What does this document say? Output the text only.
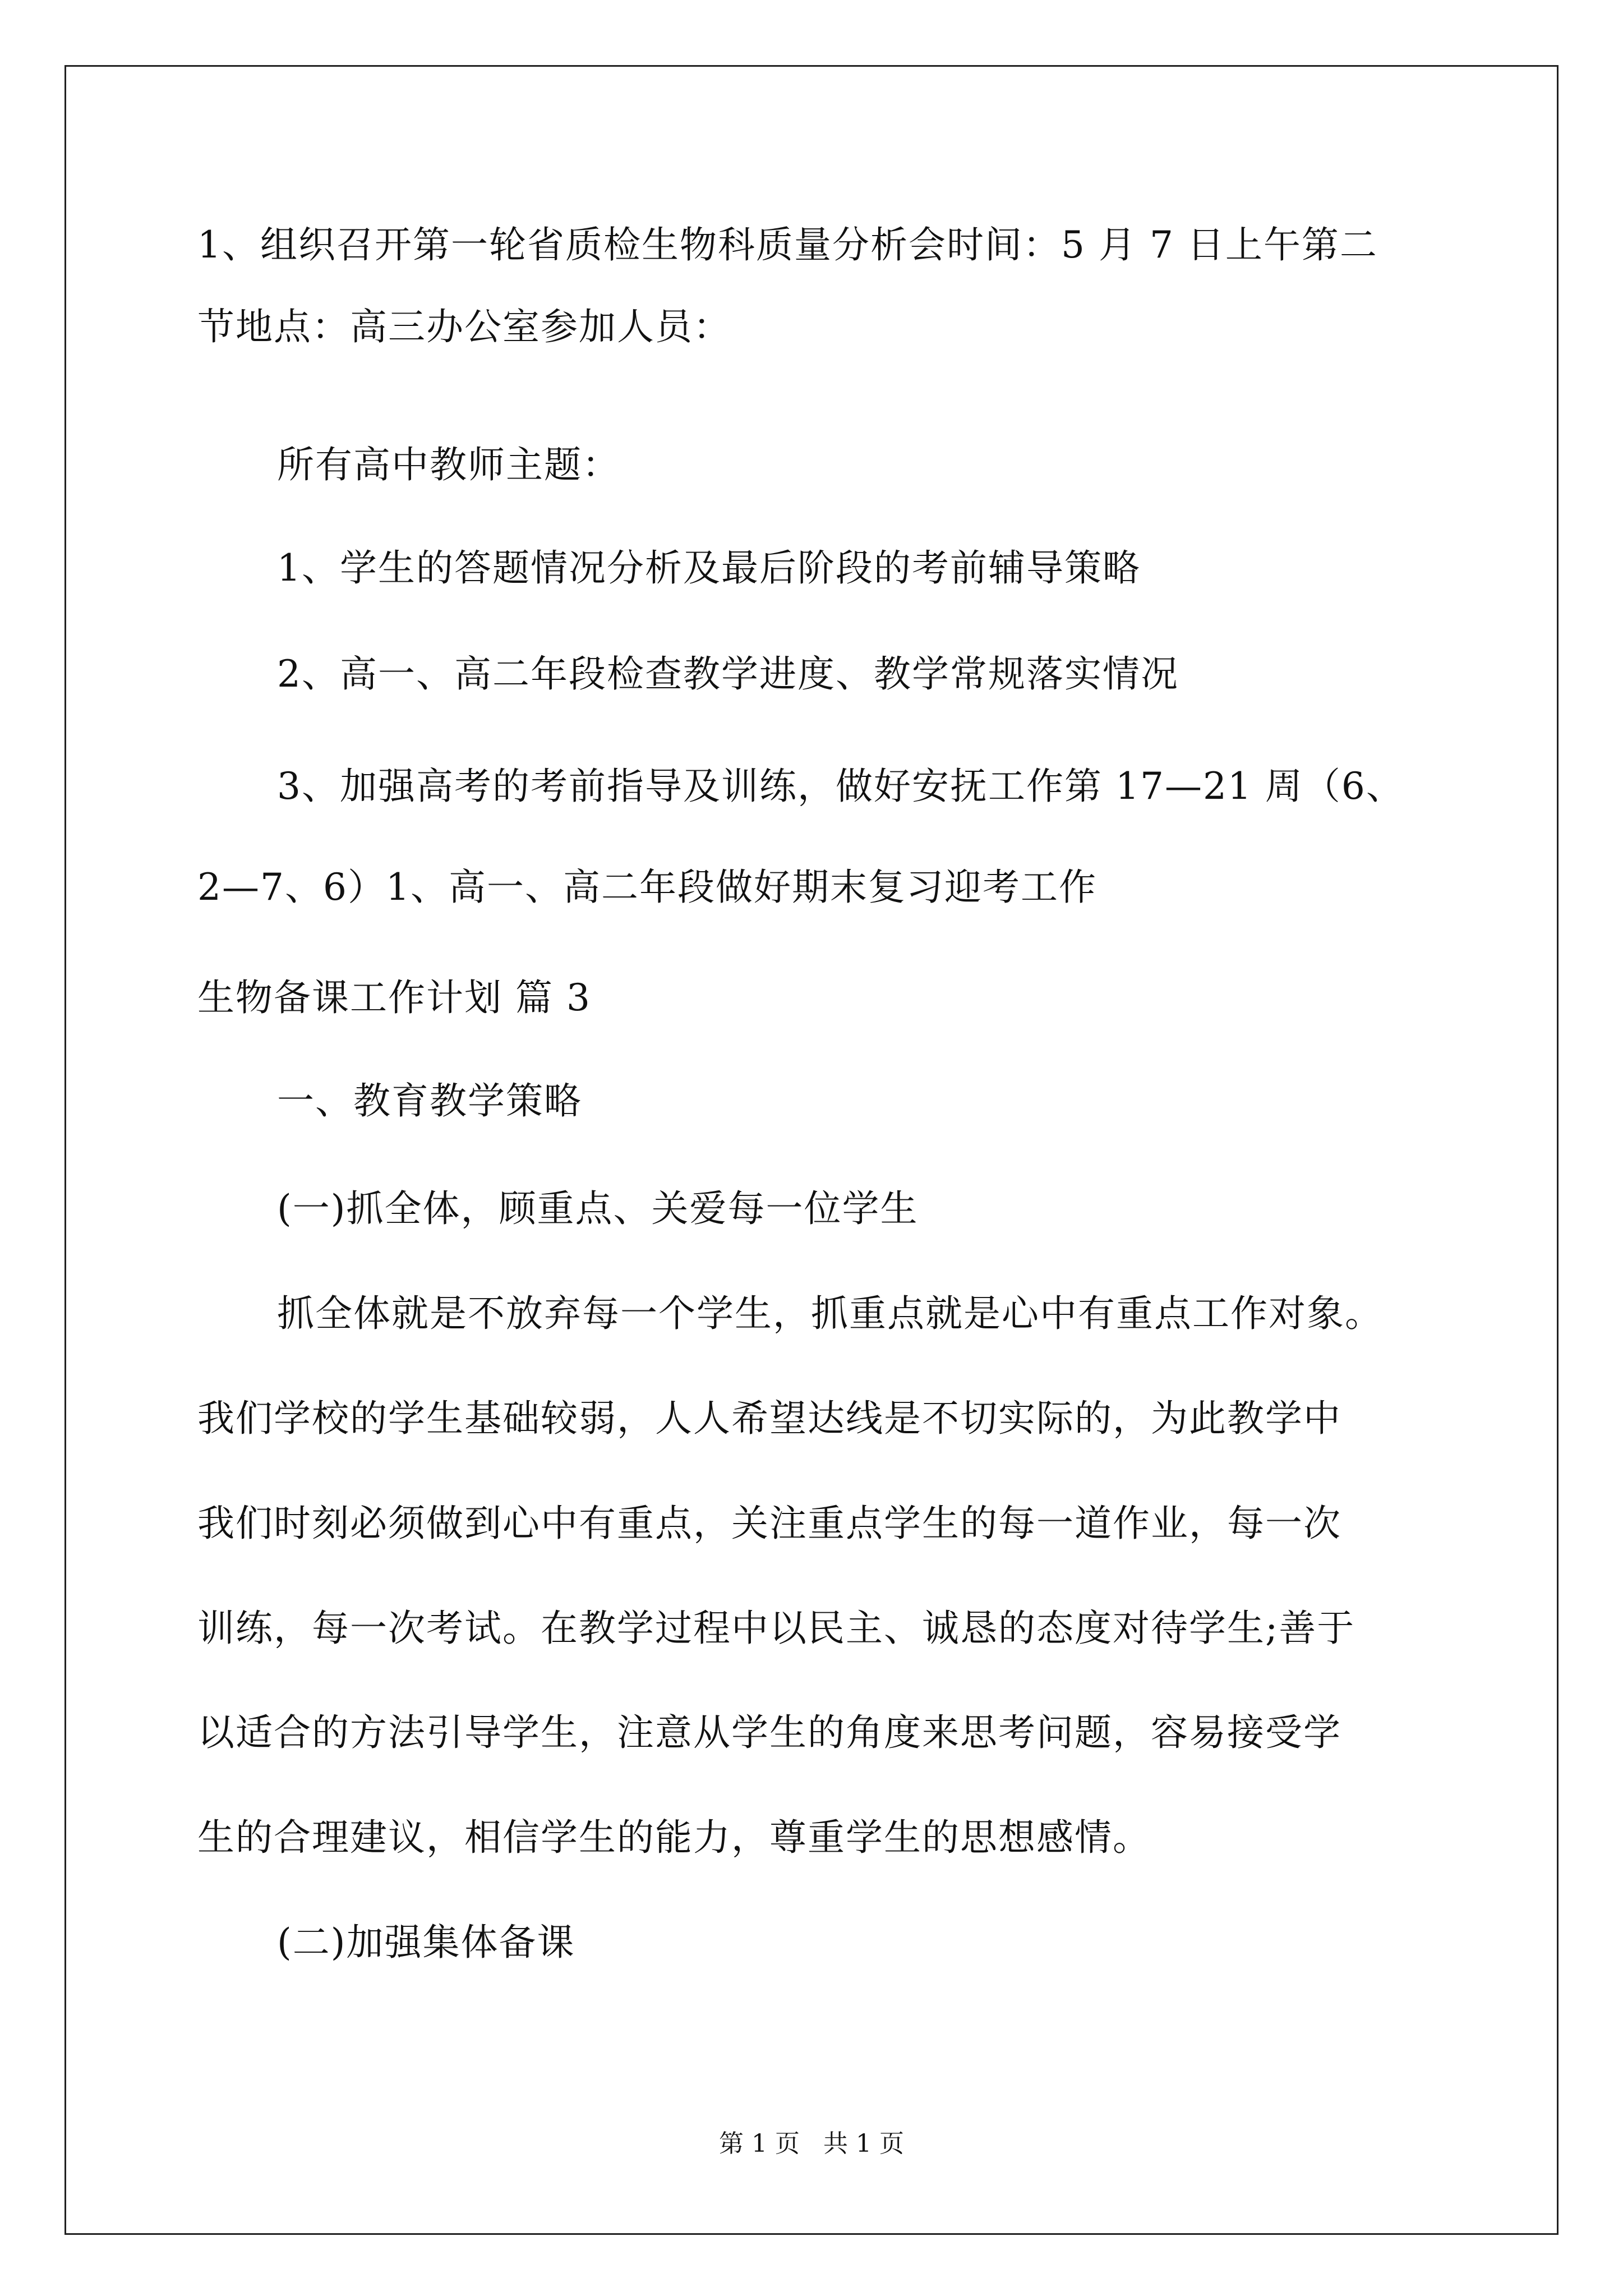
1、组织召开第一轮省质检生物科质量分析会时间：5 月 7 日上午第二

节地点：高三办公室参加人员：

所有高中教师主题：

1、学生的答题情况分析及最后阶段的考前辅导策略

2、高一、高二年段检查教学进度、教学常规落实情况

3、加强高考的考前指导及训练，做好安抚工作第 17—21 周（6、

2—7、6）1、高一、高二年段做好期末复习迎考工作

生物备课工作计划 篇 3

一、教育教学策略

(一)抓全体，顾重点、关爱每一位学生

抓全体就是不放弃每一个学生，抓重点就是心中有重点工作对象。

我们学校的学生基础较弱，人人希望达线是不切实际的，为此教学中

我们时刻必须做到心中有重点，关注重点学生的每一道作业，每一次

训练，每一次考试。在教学过程中以民主、诚恳的态度对待学生;善于

以适合的方法引导学生，注意从学生的角度来思考问题，容易接受学

生的合理建议，相信学生的能力，尊重学生的思想感情。

(二)加强集体备课

第 1 页   共 1 页
